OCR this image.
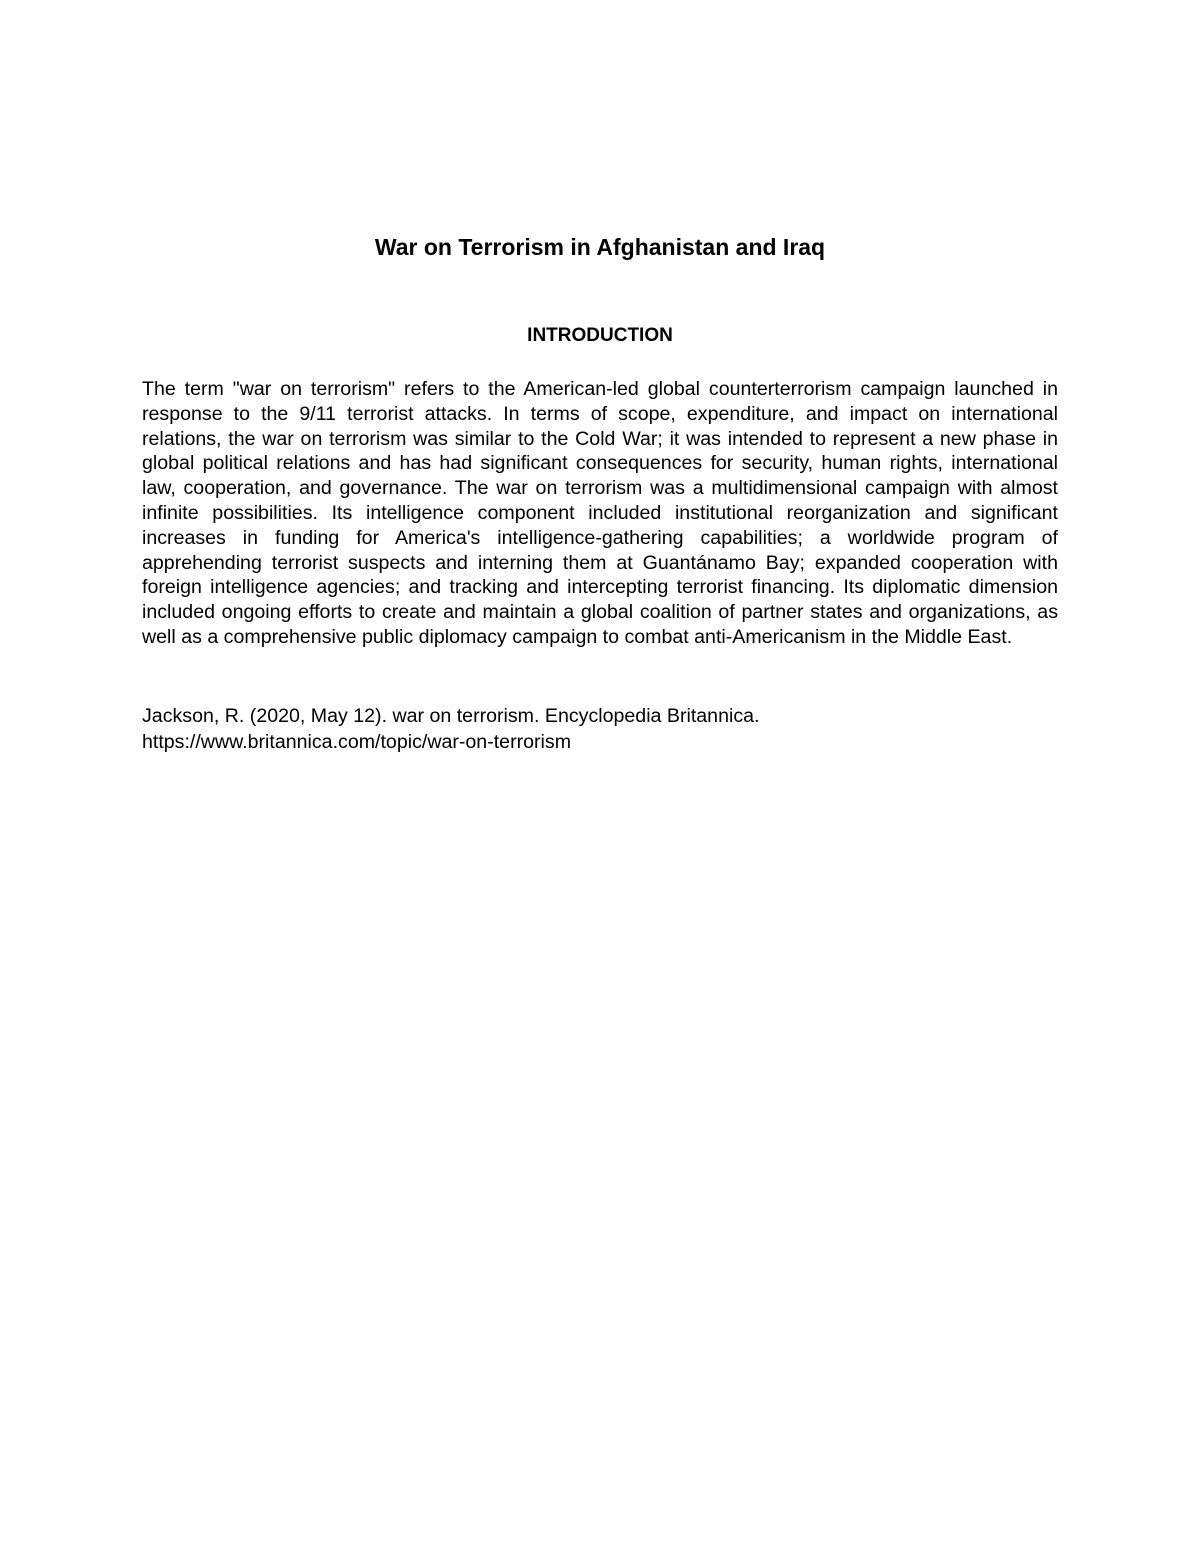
War on Terrorism in Afghanistan and Iraq
INTRODUCTION

The term "war on terrorism" refers to the American-led global counterterrorism campaign launched in response to the 9/11 terrorist attacks. In terms of scope, expenditure, and impact on international relations, the war on terrorism was similar to the Cold War; it was intended to represent a new phase in global political relations and has had significant consequences for security, human rights, international law, cooperation, and governance. The war on terrorism was a multidimensional campaign with almost infinite possibilities. Its intelligence component included institutional reorganization and significant increases in funding for America's intelligence-gathering capabilities; a worldwide program of apprehending terrorist suspects and interning them at Guantánamo Bay; expanded cooperation with foreign intelligence agencies; and tracking and intercepting terrorist financing. Its diplomatic dimension included ongoing efforts to create and maintain a global coalition of partner states and organizations, as well as a comprehensive public diplomacy campaign to combat anti-Americanism in the Middle East.

Jackson, R. (2020, May 12). war on terrorism. Encyclopedia Britannica.
https://www.britannica.com/topic/war-on-terrorism
